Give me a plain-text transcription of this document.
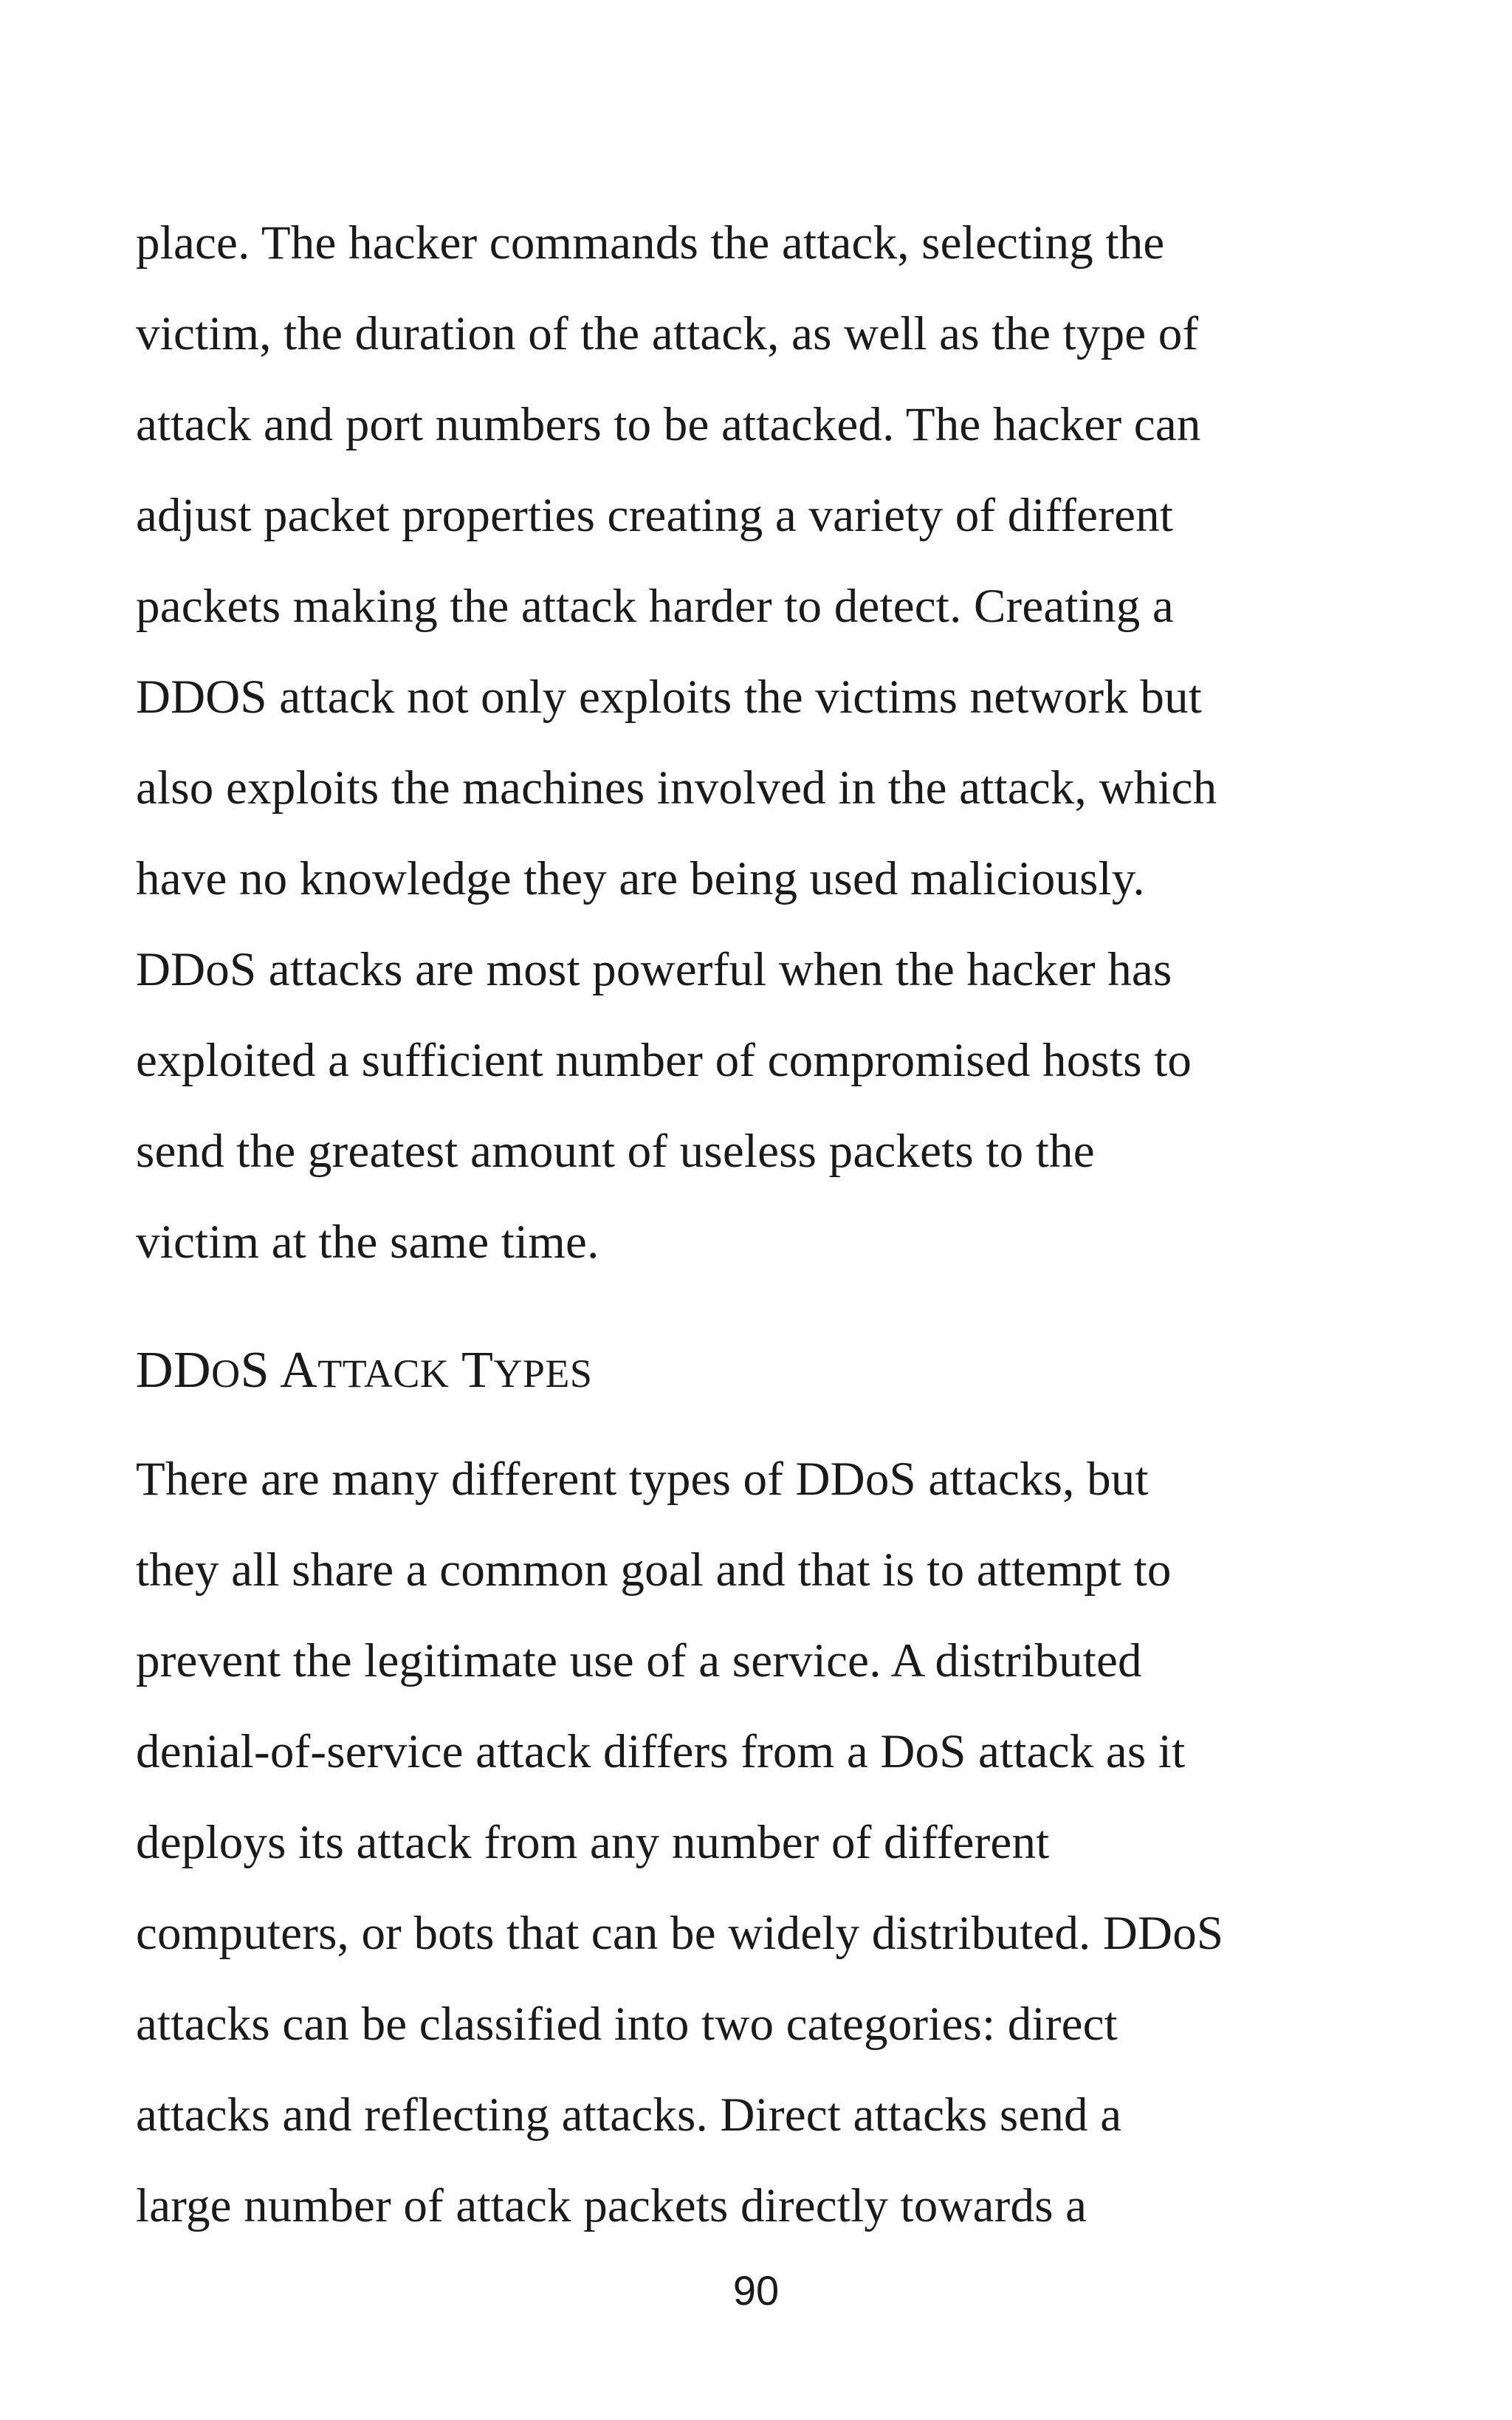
place. The hacker commands the attack, selecting the
victim, the duration of the attack, as well as the type of
attack and port numbers to be attacked. The hacker can
adjust packet properties creating a variety of different
packets making the attack harder to detect. Creating a
DDOS attack not only exploits the victims network but
also exploits the machines involved in the attack, which
have no knowledge they are being used maliciously.
DDoS attacks are most powerful when the hacker has
exploited a sufficient number of compromised hosts to
send the greatest amount of useless packets to the
victim at the same time.

DDOS ATTACK TYPES

There are many different types of DDoS attacks, but
they all share a common goal and that is to attempt to
prevent the legitimate use of a service. A distributed
denial-of-service attack differs from a DoS attack as it
deploys its attack from any number of different
computers, or bots that can be widely distributed. DDoS
attacks can be classified into two categories: direct
attacks and reflecting attacks. Direct attacks send a
large number of attack packets directly towards a

90
